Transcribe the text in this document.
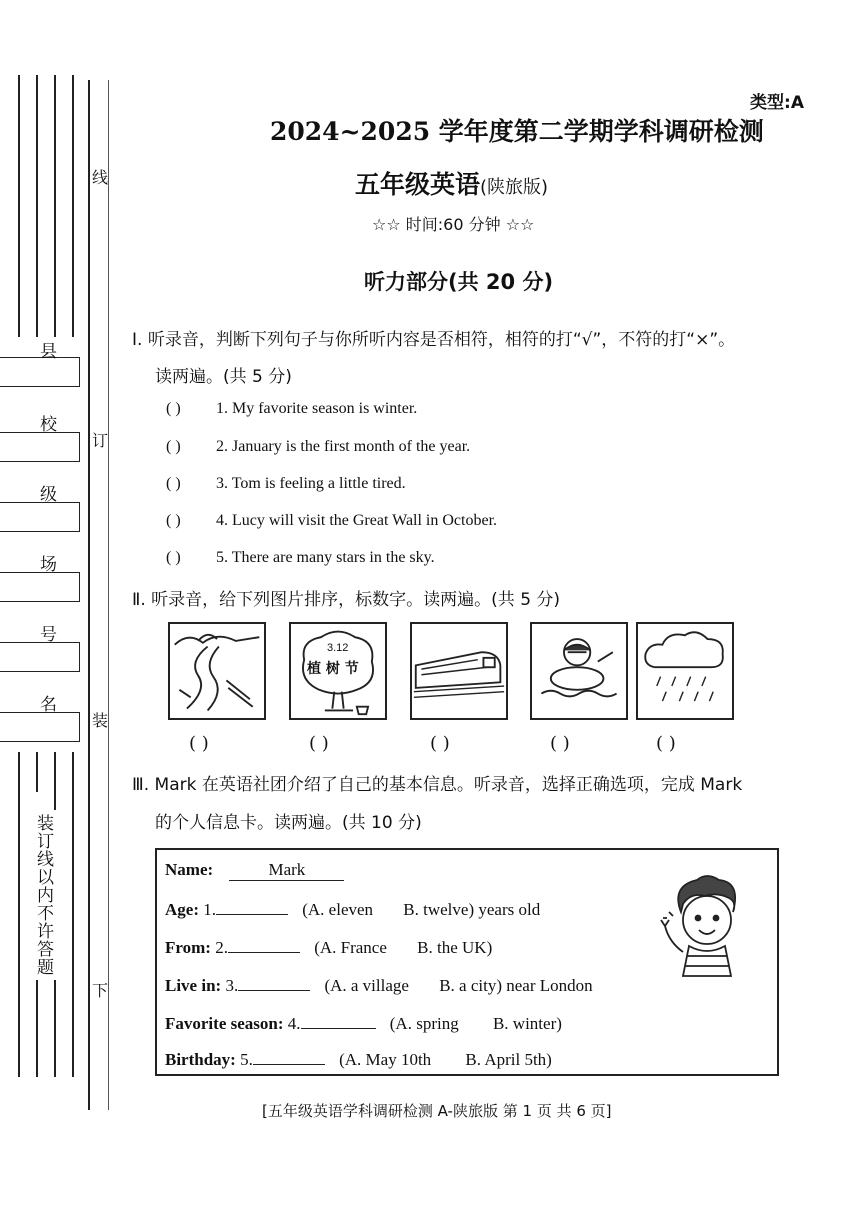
县
校
级
场
号
名
装订线以内不许答题
线
订
装
下
类型:A
2024~2025 学年度第二学期学科调研检测
五年级英语(陕旅版)
☆☆ 时间:60 分钟 ☆☆
听力部分(共 20 分)
Ⅰ. 听录音，判断下列句子与你所听内容是否相符，相符的打“√”，不符的打“×”。
读两遍。(共 5 分)
( ) 1. My favorite season is winter.
( ) 2. January is the first month of the year.
( ) 3. Tom is feeling a little tired.
( ) 4. Lucy will visit the Great Wall in October.
( ) 5. There are many stars in the sky.
Ⅱ. 听录音，给下列图片排序，标数字。读两遍。(共 5 分)
3.12
植 树 节
( )	( )	( )	( )	( )
Ⅲ. Mark 在英语社团介绍了自己的基本信息。听录音，选择正确选项，完成 Mark
的个人信息卡。读两遍。(共 10 分)
Name:	Mark
Age: 1.	(A. eleven B. twelve) years old
From: 2.	(A. France B. the UK)
Live in: 3.	(A. a village B. a city) near London
Favorite season: 4.	(A. spring B. winter)
Birthday: 5.	(A. May 10th B. April 5th)
[五年级英语学科调研检测 A-陕旅版 第 1 页 共 6 页]
